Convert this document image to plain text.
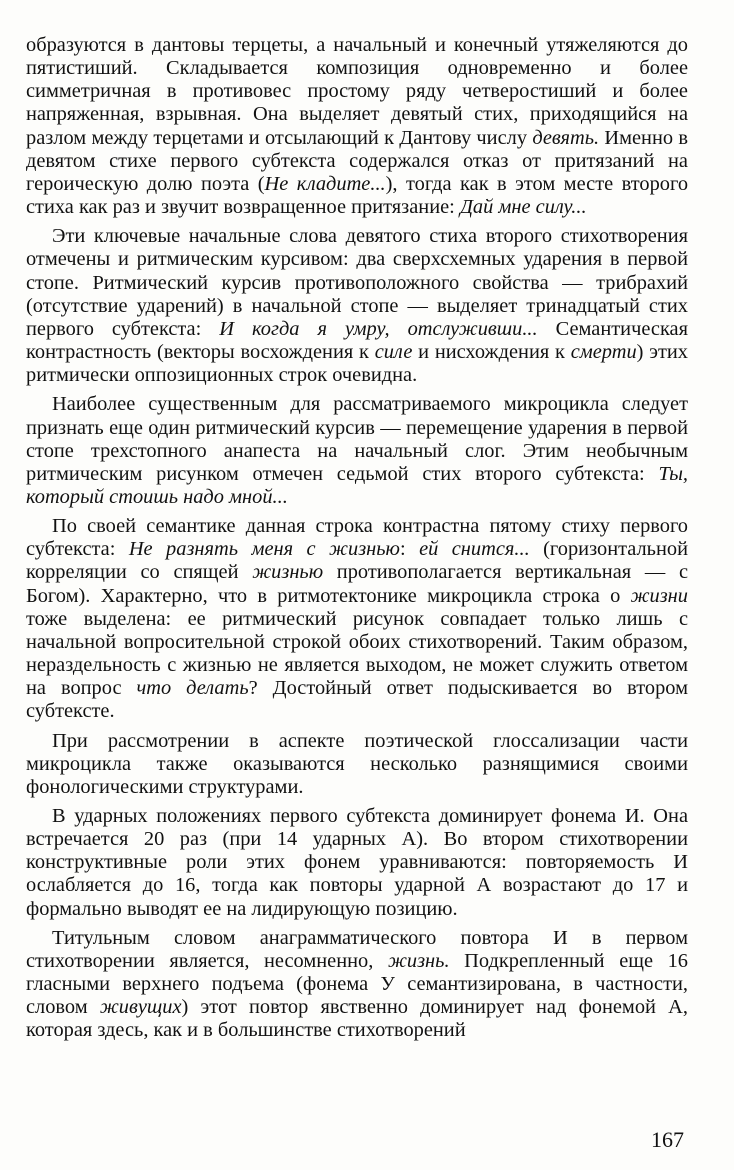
образуются в дантовы терцеты, а начальный и конечный утяжеляются до пятистиший. Складывается композиция одновременно и более симметричная в противовес простому ряду четверостиший и более напряженная, взрывная. Она выделяет девятый стих, приходящийся на разлом между терцетами и отсылающий к Дантову числу девять. Именно в девятом стихе первого субтекста содержался отказ от притязаний на героическую долю поэта (Не кладите...), тогда как в этом месте второго стиха как раз и звучит возвращенное притязание: Дай мне силу...

Эти ключевые начальные слова девятого стиха второго стихотворения отмечены и ритмическим курсивом: два сверхсхемных ударения в первой стопе. Ритмический курсив противоположного свойства — трибрахий (отсутствие ударений) в начальной стопе — выделяет тринадцатый стих первого субтекста: И когда я умру, отслуживши... Семантическая контрастность (векторы восхождения к силе и нисхождения к смерти) этих ритмически оппозиционных строк очевидна.

Наиболее существенным для рассматриваемого микроцикла следует признать еще один ритмический курсив — перемещение ударения в первой стопе трехстопного анапеста на начальный слог. Этим необычным ритмическим рисунком отмечен седьмой стих второго субтекста: Ты, который стоишь надо мной...

По своей семантике данная строка контрастна пятому стиху первого субтекста: Не разнять меня с жизнью: ей снится... (горизонтальной корреляции со спящей жизнью противополагается вертикальная — с Богом). Характерно, что в ритмотектонике микроцикла строка о жизни тоже выделена: ее ритмический рисунок совпадает только лишь с начальной вопросительной строкой обоих стихотворений. Таким образом, нераздельность с жизнью не является выходом, не может служить ответом на вопрос что делать? Достойный ответ подыскивается во втором субтексте.

При рассмотрении в аспекте поэтической глоссализации части микроцикла также оказываются несколько разнящимися своими фонологическими структурами.

В ударных положениях первого субтекста доминирует фонема И. Она встречается 20 раз (при 14 ударных А). Во втором стихотворении конструктивные роли этих фонем уравниваются: повторяемость И ослабляется до 16, тогда как повторы ударной А возрастают до 17 и формально выводят ее на лидирующую позицию.

Титульным словом анаграмматического повтора И в первом стихотворении является, несомненно, жизнь. Подкрепленный еще 16 гласными верхнего подъема (фонема У семантизирована, в частности, словом живущих) этот повтор явственно доминирует над фонемой А, которая здесь, как и в большинстве стихотворений

167
